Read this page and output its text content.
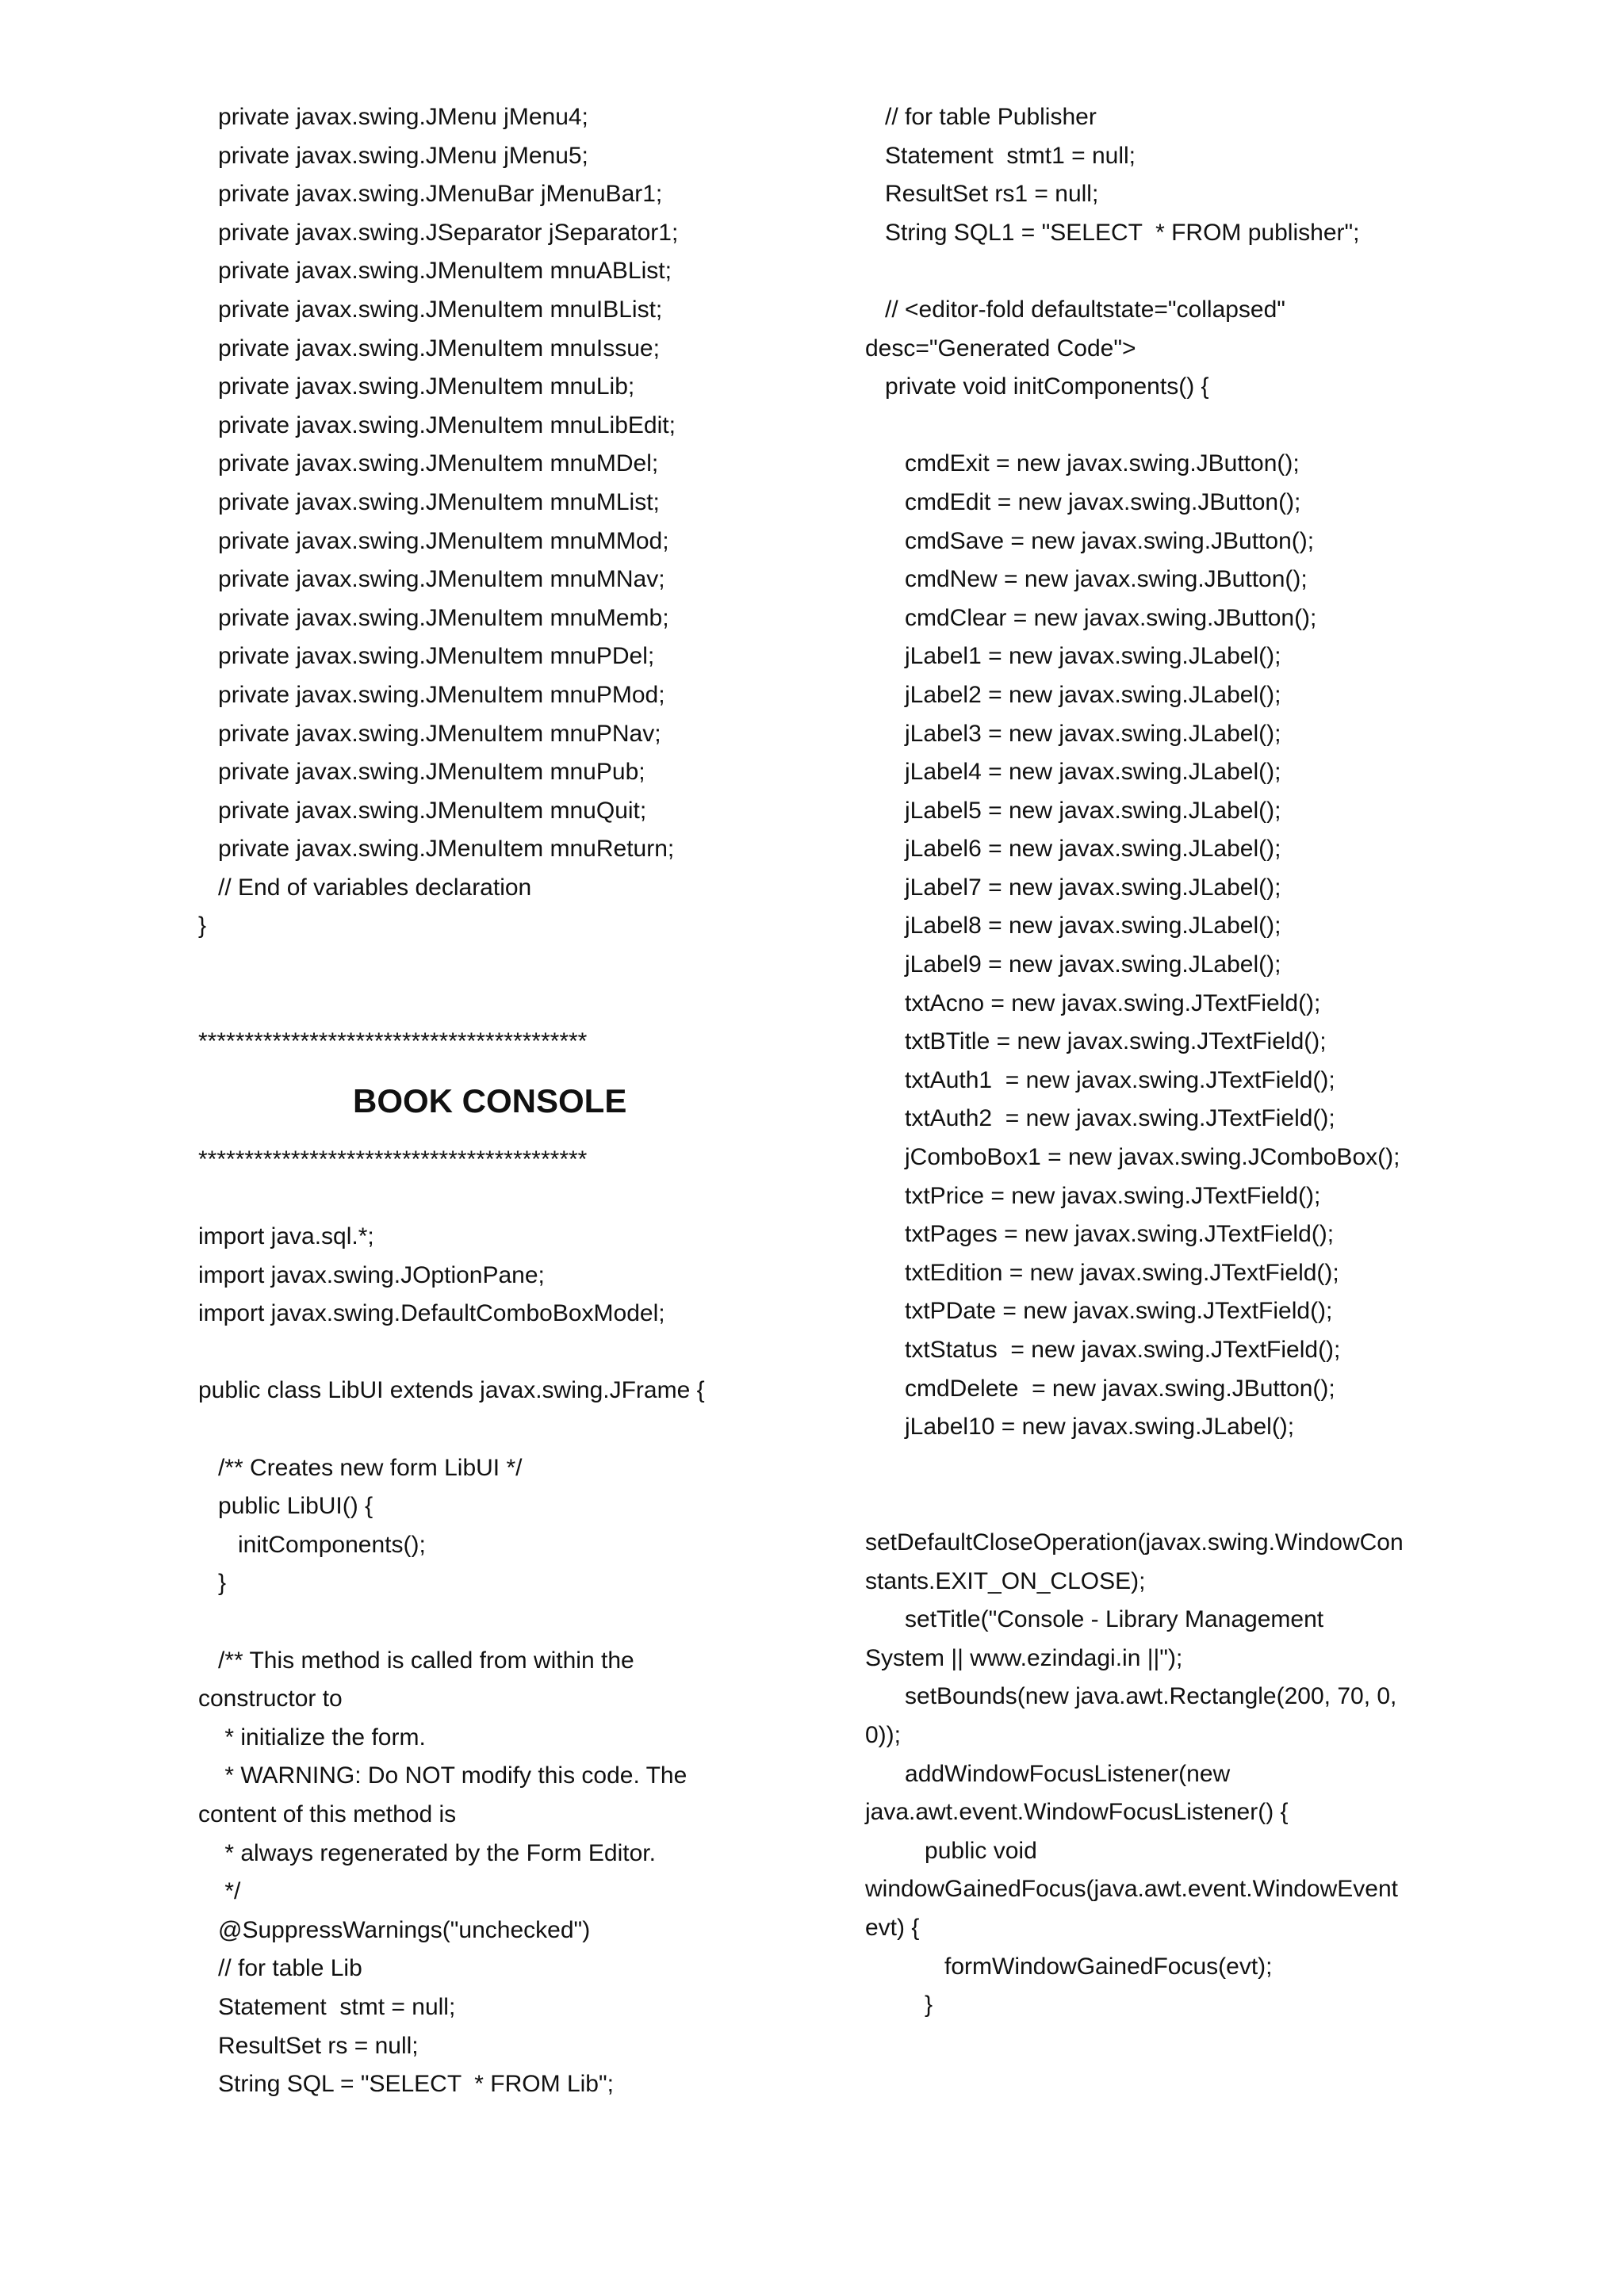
private javax.swing.JMenu jMenu4;
private javax.swing.JMenu jMenu5;
private javax.swing.JMenuBar jMenuBar1;
private javax.swing.JSeparator jSeparator1;
private javax.swing.JMenuItem mnuABList;
private javax.swing.JMenuItem mnuIBList;
private javax.swing.JMenuItem mnuIssue;
private javax.swing.JMenuItem mnuLib;
private javax.swing.JMenuItem mnuLibEdit;
private javax.swing.JMenuItem mnuMDel;
private javax.swing.JMenuItem mnuMList;
private javax.swing.JMenuItem mnuMMod;
private javax.swing.JMenuItem mnuMNav;
private javax.swing.JMenuItem mnuMemb;
private javax.swing.JMenuItem mnuPDel;
private javax.swing.JMenuItem mnuPMod;
private javax.swing.JMenuItem mnuPNav;
private javax.swing.JMenuItem mnuPub;
private javax.swing.JMenuItem mnuQuit;
private javax.swing.JMenuItem mnuReturn;
// End of variables declaration
}
******************************************
BOOK CONSOLE
******************************************
import java.sql.*;
import javax.swing.JOptionPane;
import javax.swing.DefaultComboBoxModel;
public class LibUI extends javax.swing.JFrame {
/** Creates new form LibUI */
public LibUI() {
initComponents();
}
/** This method is called from within the
constructor to
* initialize the form.
* WARNING: Do NOT modify this code. The
content of this method is
* always regenerated by the Form Editor.
*/
@SuppressWarnings("unchecked")
// for table Lib
Statement  stmt = null;
ResultSet rs = null;
String SQL = "SELECT  * FROM Lib";
// for table Publisher
Statement  stmt1 = null;
ResultSet rs1 = null;
String SQL1 = "SELECT  * FROM publisher";
// <editor-fold defaultstate="collapsed"
desc="Generated Code">
private void initComponents() {
cmdExit = new javax.swing.JButton();
cmdEdit = new javax.swing.JButton();
cmdSave = new javax.swing.JButton();
cmdNew = new javax.swing.JButton();
cmdClear = new javax.swing.JButton();
jLabel1 = new javax.swing.JLabel();
jLabel2 = new javax.swing.JLabel();
jLabel3 = new javax.swing.JLabel();
jLabel4 = new javax.swing.JLabel();
jLabel5 = new javax.swing.JLabel();
jLabel6 = new javax.swing.JLabel();
jLabel7 = new javax.swing.JLabel();
jLabel8 = new javax.swing.JLabel();
jLabel9 = new javax.swing.JLabel();
txtAcno = new javax.swing.JTextField();
txtBTitle = new javax.swing.JTextField();
txtAuth1  = new javax.swing.JTextField();
txtAuth2  = new javax.swing.JTextField();
jComboBox1 = new javax.swing.JComboBox();
txtPrice = new javax.swing.JTextField();
txtPages = new javax.swing.JTextField();
txtEdition = new javax.swing.JTextField();
txtPDate = new javax.swing.JTextField();
txtStatus  = new javax.swing.JTextField();
cmdDelete  = new javax.swing.JButton();
jLabel10 = new javax.swing.JLabel();
setDefaultCloseOperation(javax.swing.WindowCon
stants.EXIT_ON_CLOSE);
setTitle("Console - Library Management
System || www.ezindagi.in ||");
setBounds(new java.awt.Rectangle(200, 70, 0,
0));
addWindowFocusListener(new
java.awt.event.WindowFocusListener() {
public void
windowGainedFocus(java.awt.event.WindowEvent
evt) {
formWindowGainedFocus(evt);
}
